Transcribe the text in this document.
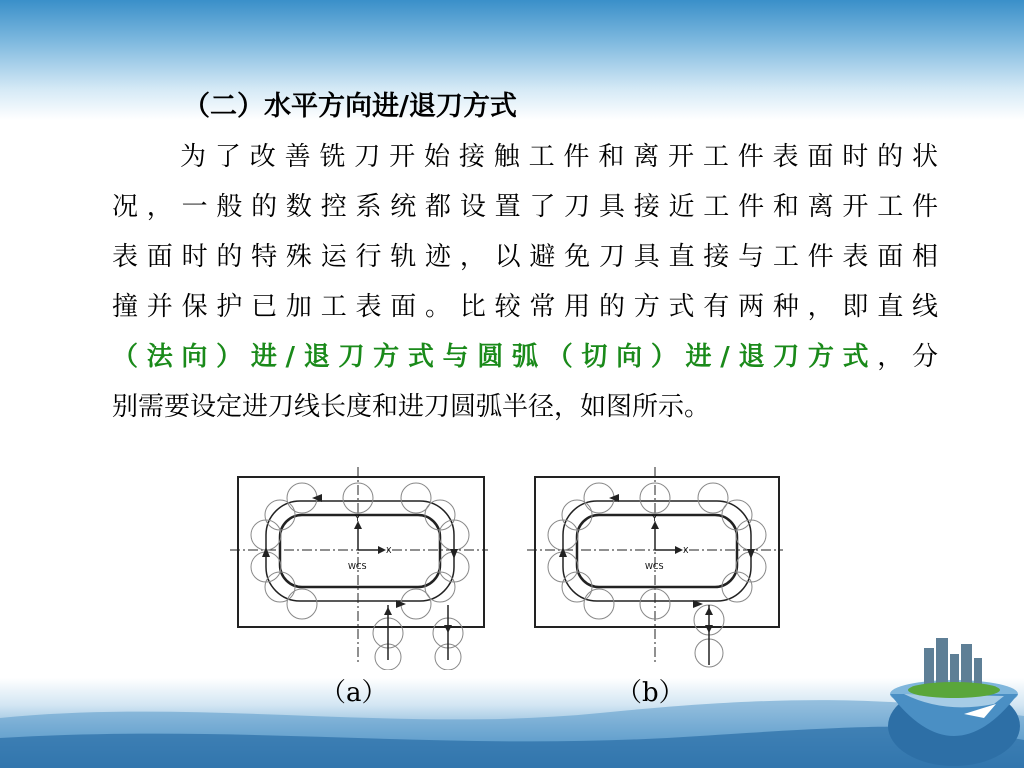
（二）水平方向进/退刀方式
为了改善铣刀开始接触工件和离开工件表面时的状
况，一般的数控系统都设置了刀具接近工件和离开工件
表面时的特殊运行轨迹，以避免刀具直接与工件表面相
撞并保护已加工表面。比较常用的方式有两种，即直线
（法向）进/退刀方式与圆弧（切向）进/退刀方式，分
别需要设定进刀线长度和进刀圆弧半径，如图所示。
Y
X
WCS
Y
X
WCS
（a）	（b）
